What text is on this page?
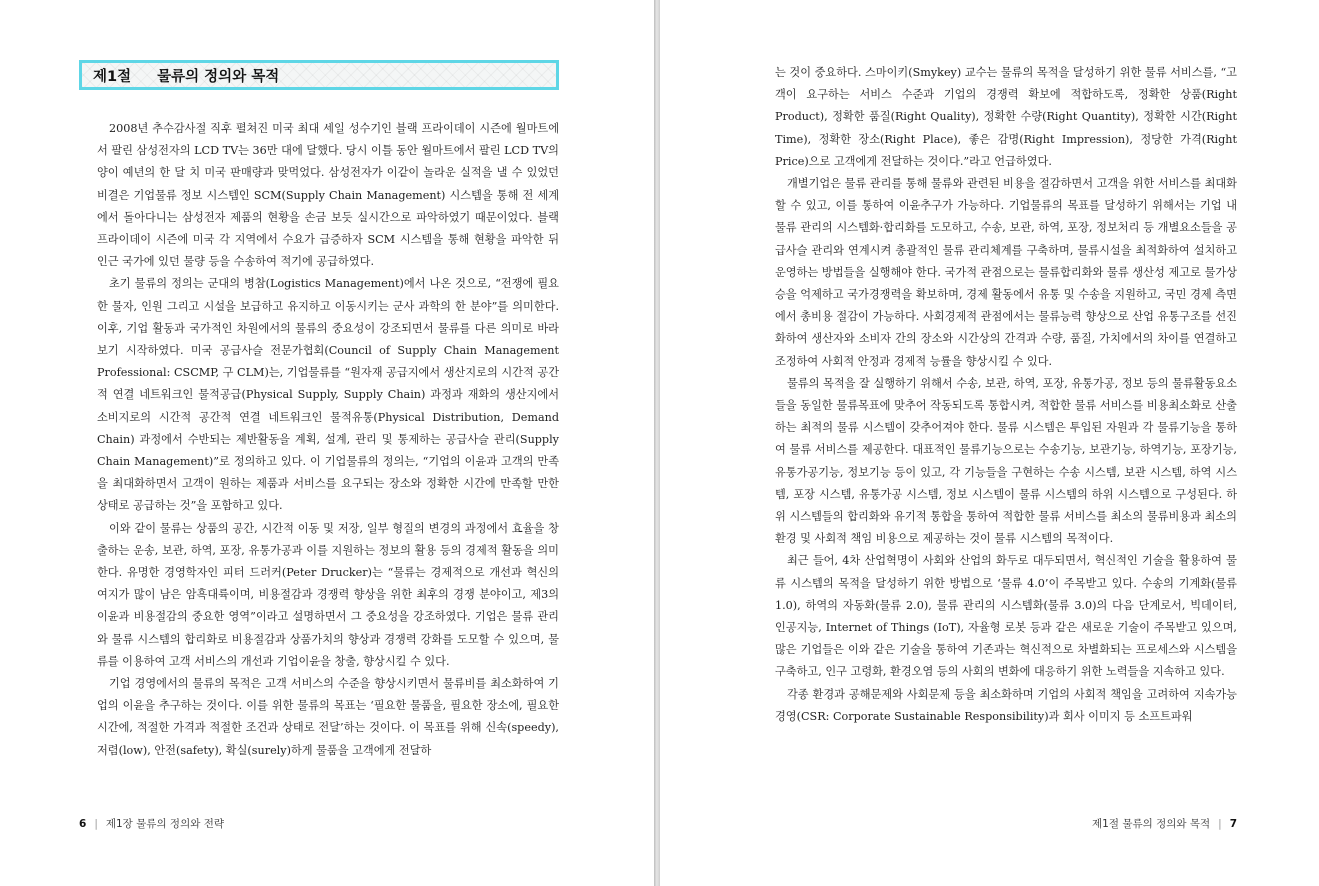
제1절 물류의 정의와 목적

2008년 추수감사절 직후 펼쳐진 미국 최대 세일 성수기인 블랙 프라이데이 시즌에 월마트에서 팔린 삼성전자의 LCD TV는 36만 대에 달했다. 당시 이틀 동안 월마트에서 팔린 LCD TV의 양이 예년의 한 달 치 미국 판매량과 맞먹었다. 삼성전자가 이같이 놀라운 실적을 낼 수 있었던 비결은 기업물류 정보 시스템인 SCM(Supply Chain Management) 시스템을 통해 전 세계에서 돌아다니는 삼성전자 제품의 현황을 손금 보듯 실시간으로 파악하였기 때문이었다. 블랙 프라이데이 시즌에 미국 각 지역에서 수요가 급증하자 SCM 시스템을 통해 현황을 파악한 뒤 인근 국가에 있던 물량 등을 수송하여 적기에 공급하였다.

초기 물류의 정의는 군대의 병참(Logistics Management)에서 나온 것으로, “전쟁에 필요한 물자, 인원 그리고 시설을 보급하고 유지하고 이동시키는 군사 과학의 한 분야”를 의미한다. 이후, 기업 활동과 국가적인 차원에서의 물류의 중요성이 강조되면서 물류를 다른 의미로 바라보기 시작하였다. 미국 공급사슬 전문가협회(Council of Supply Chain Management Professional: CSCMP, 구 CLM)는, 기업물류를 “원자재 공급지에서 생산지로의 시간적 공간적 연결 네트워크인 물적공급(Physical Supply, Supply Chain) 과정과 재화의 생산지에서 소비지로의 시간적 공간적 연결 네트워크인 물적유통(Physical Distribution, Demand Chain) 과정에서 수반되는 제반활동을 계획, 설계, 관리 및 통제하는 공급사슬 관리(Supply Chain Management)”로 정의하고 있다. 이 기업물류의 정의는, “기업의 이윤과 고객의 만족을 최대화하면서 고객이 원하는 제품과 서비스를 요구되는 장소와 정확한 시간에 만족할 만한 상태로 공급하는 것”을 포함하고 있다.

이와 같이 물류는 상품의 공간, 시간적 이동 및 저장, 일부 형질의 변경의 과정에서 효율을 창출하는 운송, 보관, 하역, 포장, 유통가공과 이를 지원하는 정보의 활용 등의 경제적 활동을 의미한다. 유명한 경영학자인 피터 드러커(Peter Drucker)는 “물류는 경제적으로 개선과 혁신의 여지가 많이 남은 암흑대륙이며, 비용절감과 경쟁력 향상을 위한 최후의 경쟁 분야이고, 제3의 이윤과 비용절감의 중요한 영역”이라고 설명하면서 그 중요성을 강조하였다. 기업은 물류 관리와 물류 시스템의 합리화로 비용절감과 상품가치의 향상과 경쟁력 강화를 도모할 수 있으며, 물류를 이용하여 고객 서비스의 개선과 기업이윤을 창출, 향상시킬 수 있다.

기업 경영에서의 물류의 목적은 고객 서비스의 수준을 향상시키면서 물류비를 최소화하여 기업의 이윤을 추구하는 것이다. 이를 위한 물류의 목표는 ‘필요한 물품을, 필요한 장소에, 필요한 시간에, 적절한 가격과 적절한 조건과 상태로 전달’하는 것이다. 이 목표를 위해 신속(speedy), 저렴(low), 안전(safety), 확실(surely)하게 물품을 고객에게 전달하

6 | 제1장 물류의 정의와 전략

는 것이 중요하다. 스마이키(Smykey) 교수는 물류의 목적을 달성하기 위한 물류 서비스를, “고객이 요구하는 서비스 수준과 기업의 경쟁력 확보에 적합하도록, 정확한 상품(Right Product), 정확한 품질(Right Quality), 정확한 수량(Right Quantity), 정확한 시간(Right Time), 정확한 장소(Right Place), 좋은 감명(Right Impression), 정당한 가격(Right Price)으로 고객에게 전달하는 것이다.”라고 언급하였다.

개별기업은 물류 관리를 통해 물류와 관련된 비용을 절감하면서 고객을 위한 서비스를 최대화할 수 있고, 이를 통하여 이윤추구가 가능하다. 기업물류의 목표를 달성하기 위해서는 기업 내 물류 관리의 시스템화·합리화를 도모하고, 수송, 보관, 하역, 포장, 정보처리 등 개별요소들을 공급사슬 관리와 연계시켜 총괄적인 물류 관리체계를 구축하며, 물류시설을 최적화하여 설치하고 운영하는 방법들을 실행해야 한다. 국가적 관점으로는 물류합리화와 물류 생산성 제고로 물가상승을 억제하고 국가경쟁력을 확보하며, 경제 활동에서 유통 및 수송을 지원하고, 국민 경제 측면에서 총비용 절감이 가능하다. 사회경제적 관점에서는 물류능력 향상으로 산업 유통구조를 선진화하여 생산자와 소비자 간의 장소와 시간상의 간격과 수량, 품질, 가치에서의 차이를 연결하고 조정하여 사회적 안정과 경제적 능률을 향상시킬 수 있다.

물류의 목적을 잘 실행하기 위해서 수송, 보관, 하역, 포장, 유통가공, 정보 등의 물류활동요소들을 동일한 물류목표에 맞추어 작동되도록 통합시켜, 적합한 물류 서비스를 비용최소화로 산출하는 최적의 물류 시스템이 갖추어져야 한다. 물류 시스템은 투입된 자원과 각 물류기능을 통하여 물류 서비스를 제공한다. 대표적인 물류기능으로는 수송기능, 보관기능, 하역기능, 포장기능, 유통가공기능, 정보기능 등이 있고, 각 기능들을 구현하는 수송 시스템, 보관 시스템, 하역 시스템, 포장 시스템, 유통가공 시스템, 정보 시스템이 물류 시스템의 하위 시스템으로 구성된다. 하위 시스템들의 합리화와 유기적 통합을 통하여 적합한 물류 서비스를 최소의 물류비용과 최소의 환경 및 사회적 책임 비용으로 제공하는 것이 물류 시스템의 목적이다.

최근 들어, 4차 산업혁명이 사회와 산업의 화두로 대두되면서, 혁신적인 기술을 활용하여 물류 시스템의 목적을 달성하기 위한 방법으로 ‘물류 4.0’이 주목받고 있다. 수송의 기계화(물류 1.0), 하역의 자동화(물류 2.0), 물류 관리의 시스템화(물류 3.0)의 다음 단계로서, 빅데이터, 인공지능, Internet of Things (IoT), 자율형 로봇 등과 같은 새로운 기술이 주목받고 있으며, 많은 기업들은 이와 같은 기술을 통하여 기존과는 혁신적으로 차별화되는 프로세스와 시스템을 구축하고, 인구 고령화, 환경오염 등의 사회의 변화에 대응하기 위한 노력들을 지속하고 있다.

각종 환경과 공해문제와 사회문제 등을 최소화하며 기업의 사회적 책임을 고려하여 지속가능경영(CSR: Corporate Sustainable Responsibility)과 회사 이미지 등 소프트파워

제1절 물류의 정의와 목적 | 7
